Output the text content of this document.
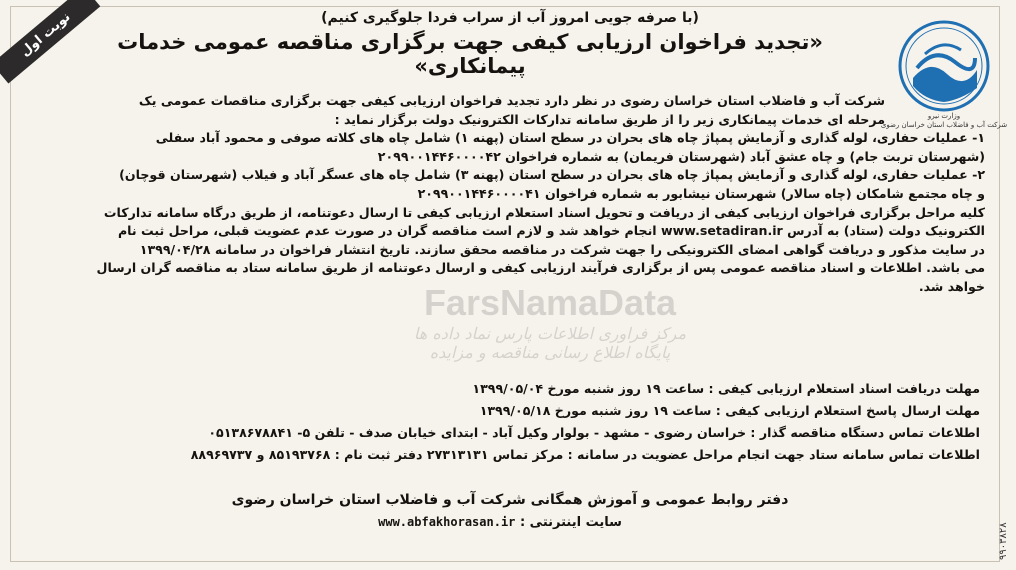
نوبت اول	(با صرفه جویی امروز آب از سراب فردا جلوگیری کنیم)
«تجدید فراخوان ارزیابی کیفی جهت برگزاری مناقصه عمومی خدمات پیمانکاری»
وزارت نیرو
شرکت آب و فاضلاب استان خراسان رضوی

شرکت آب و فاضلاب استان خراسان رضوی در نظر دارد تجدید فراخوان ارزیابی کیفی جهت برگزاری مناقصات عمومی یک

مرحله ای خدمات پیمانکاری زیر را از طریق سامانه تدارکات الکترونیک دولت برگزار نماید :

۱- عملیات حفاری، لوله گذاری و آزمایش پمپاژ چاه های بحران در سطح استان (پهنه ۱) شامل چاه های کلاته صوفی و محمود آباد سفلی

(شهرستان تربت جام) و چاه عشق آباد (شهرستان فریمان) به شماره فراخوان ۲۰۹۹۰۰۱۴۴۶۰۰۰۰۴۲

۲- عملیات حفاری، لوله گذاری و آزمایش پمپاژ چاه های بحران در سطح استان (پهنه ۳) شامل چاه های عسگر آباد و فیلاب (شهرستان قوچان)

و چاه مجتمع شامکان (چاه سالار) شهرستان نیشابور به شماره فراخوان ۲۰۹۹۰۰۱۴۴۶۰۰۰۰۴۱

کلیه مراحل برگزاری فراخوان ارزیابی کیفی از دریافت و تحویل اسناد استعلام ارزیابی کیفی تا ارسال دعوتنامه، از طریق درگاه سامانه تدارکات

الکترونیک دولت (ستاد) به آدرس www.setadiran.ir انجام خواهد شد و لازم است مناقصه گران در صورت عدم عضویت قبلی، مراحل ثبت نام

در سایت مذکور و دریافت گواهی امضای الکترونیکی را جهت شرکت در مناقصه محقق سازند. تاریخ انتشار فراخوان در سامانه ۱۳۹۹/۰۴/۲۸

می باشد. اطلاعات و اسناد مناقصه عمومی پس از برگزاری فرآیند ارزیابی کیفی و ارسال دعوتنامه از طریق سامانه ستاد به مناقصه گران ارسال

خواهد شد.

FarsNamaData
مرکز فراوری اطلاعات پارس نماد داده ها
پایگاه اطلاع رسانی مناقصه و مزایده

مهلت دریافت اسناد استعلام ارزیابی کیفی : ساعت ۱۹ روز شنبه مورخ ۱۳۹۹/۰۵/۰۴

مهلت ارسال پاسخ استعلام ارزیابی کیفی : ساعت ۱۹ روز شنبه مورخ ۱۳۹۹/۰۵/۱۸

اطلاعات تماس دستگاه مناقصه گذار : خراسان رضوی - مشهد - بولوار وکیل آباد - ابتدای خیابان صدف - تلفن ۵- ۰۵۱۳۸۶۷۸۸۴۱

اطلاعات تماس سامانه ستاد جهت انجام مراحل عضویت در سامانه : مرکز تماس ۲۷۳۱۳۱۳۱ دفتر ثبت نام : ۸۵۱۹۳۷۶۸ و ۸۸۹۶۹۷۳۷

دفتر روابط عمومی و آموزش همگانی شرکت آب و فاضلاب استان خراسان رضوی
سایت اینترنتی : www.abfakhorasan.ir
۹۹۰۳۸۲۸
